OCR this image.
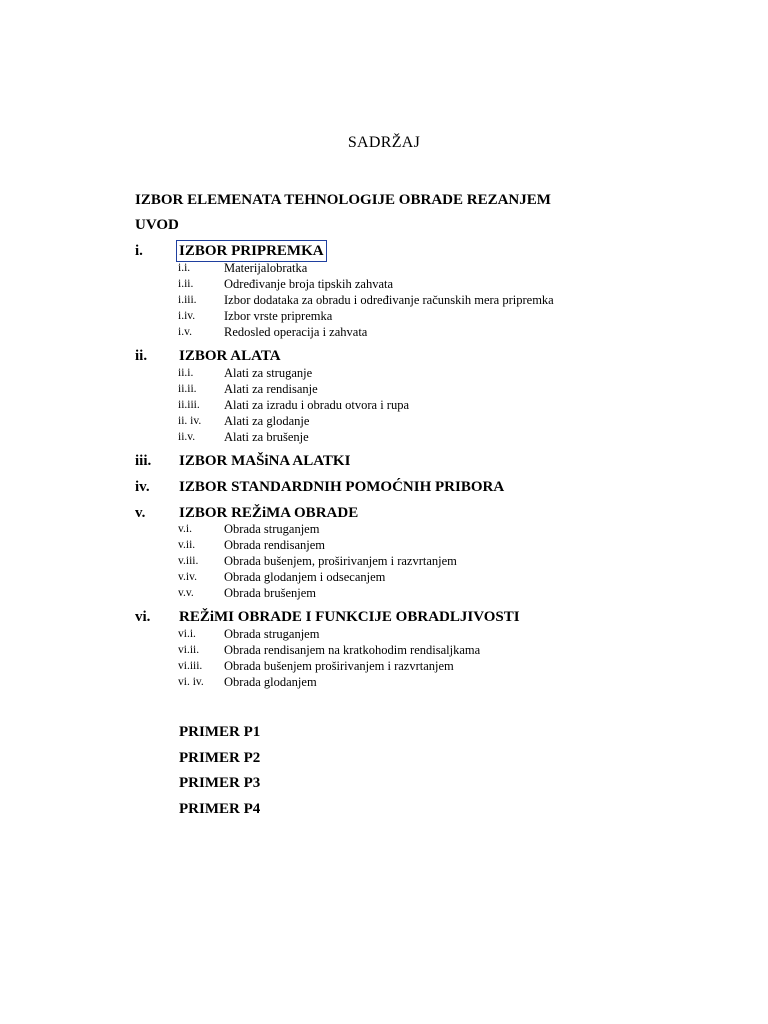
SADRŽAJ
IZBOR ELEMENATA TEHNOLOGIJE OBRADE REZANJEM
UVOD
i. IZBOR PRIPREMKA
i.i.	Materijalobratka
i.ii. Određivanje broja tipskih zahvata
i.iii. Izbor dodataka za obradu i određivanje računskih mera pripremka
i.iv. Izbor vrste pripremka
i.v.	Redosled operacija i zahvata
ii. IZBOR ALATA
ii.i. Alati za struganje
ii.ii. Alati za rendisanje
ii.iii. Alati za izradu i obradu otvora i rupa
ii. iv. Alati za glodanje
ii.v. Alati za brušenje
iii. IZBOR MAŠiNA ALATKI
iv. IZBOR STANDARDNIH POMOĆNIH PRIBORA
v. IZBOR REŽiMA OBRADE
v.i.	Obrada struganjem
v.ii. Obrada rendisanjem
v.iii. Obrada bušenjem, proširivanjem i razvrtanjem
v.iv. Obrada glodanjem i odsecanjem
v.v. Obrada brušenjem
vi. REŽiMI OBRADE I FUNKCIJE OBRADLJIVOSTI
vi.i. Obrada struganjem
vi.ii. Obrada rendisanjem na kratkohodim rendisaljkama
vi.iii. Obrada bušenjem proširivanjem i razvrtanjem
vi. iv. Obrada glodanjem
PRIMER P1
PRIMER P2
PRIMER P3
PRIMER P4
